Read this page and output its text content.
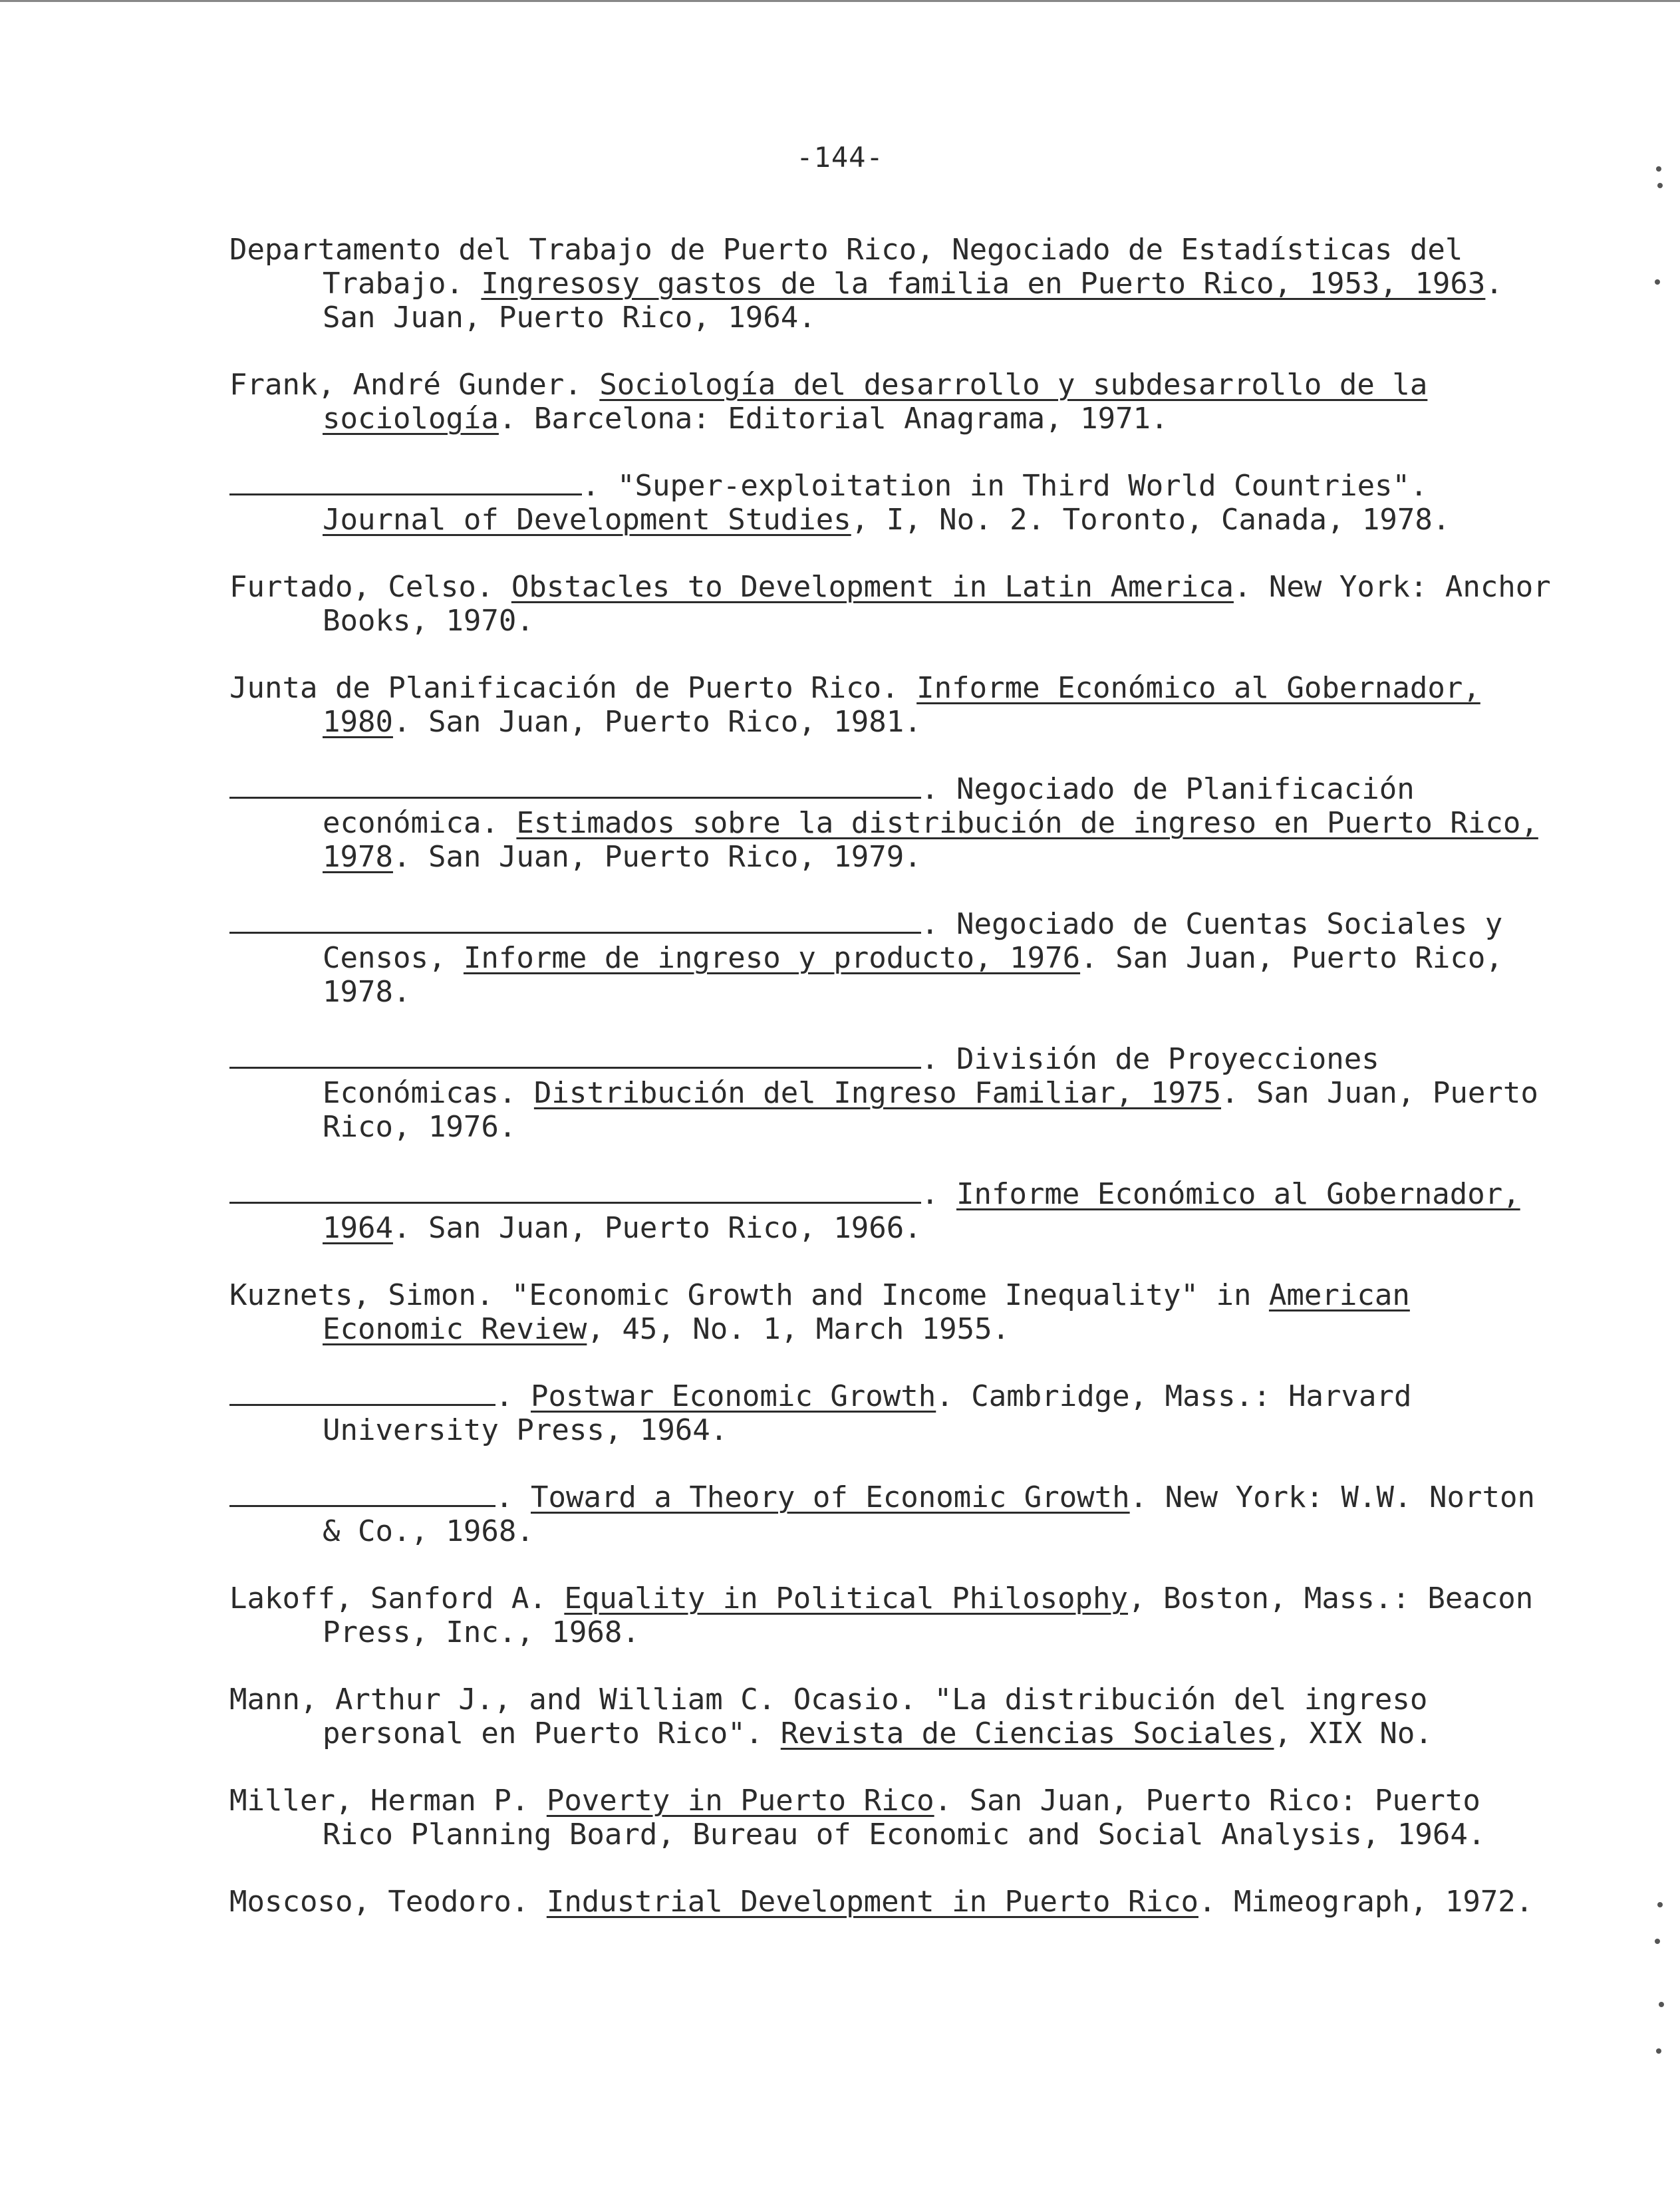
-144-

Departamento del Trabajo de Puerto Rico, Negociado de Estadísticas del Trabajo. Ingresosy gastos de la familia en Puerto Rico, 1953, 1963. San Juan, Puerto Rico, 1964.

Frank, André Gunder. Sociología del desarrollo y subdesarrollo de la sociología. Barcelona: Editorial Anagrama, 1971.

. "Super-exploitation in Third World Countries". Journal of Development Studies, I, No. 2. Toronto, Canada, 1978.

Furtado, Celso. Obstacles to Development in Latin America. New York: Anchor Books, 1970.

Junta de Planificación de Puerto Rico. Informe Económico al Gobernador, 1980. San Juan, Puerto Rico, 1981.

. Negociado de Planificación económica. Estimados sobre la distribución de ingreso en Puerto Rico, 1978. San Juan, Puerto Rico, 1979.

. Negociado de Cuentas Sociales y Censos, Informe de ingreso y producto, 1976. San Juan, Puerto Rico, 1978.

. División de Proyecciones Económicas. Distribución del Ingreso Familiar, 1975. San Juan, Puerto Rico, 1976.

. Informe Económico al Gobernador, 1964. San Juan, Puerto Rico, 1966.

Kuznets, Simon. "Economic Growth and Income Inequality" in American Economic Review, 45, No. 1, March 1955.

. Postwar Economic Growth. Cambridge, Mass.: Harvard University Press, 1964.

. Toward a Theory of Economic Growth. New York: W.W. Norton & Co., 1968.

Lakoff, Sanford A. Equality in Political Philosophy, Boston, Mass.: Beacon Press, Inc., 1968.

Mann, Arthur J., and William C. Ocasio. "La distribución del ingreso personal en Puerto Rico". Revista de Ciencias Sociales, XIX No.

Miller, Herman P. Poverty in Puerto Rico. San Juan, Puerto Rico: Puerto Rico Planning Board, Bureau of Economic and Social Analysis, 1964.

Moscoso, Teodoro. Industrial Development in Puerto Rico. Mimeograph, 1972.
